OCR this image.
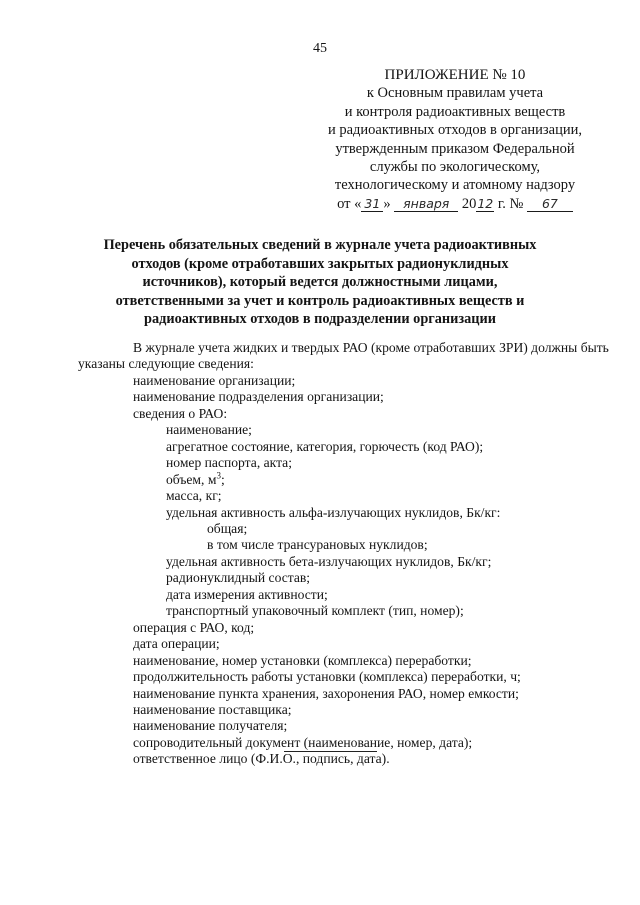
45
ПРИЛОЖЕНИЕ № 10
к Основным правилам учета
и контроля радиоактивных веществ
и радиоактивных отходов в организации,
утвержденным приказом Федеральной
службы по экологическому,
технологическому и атомному надзору
от « 31 » января 2012 г. № 67
Перечень обязательных сведений в журнале учета радиоактивных
отходов (кроме отработавших закрытых радионуклидных
источников), который ведется должностными лицами,
ответственными за учет и контроль радиоактивных веществ и
радиоактивных отходов в подразделении организации
В журнале учета жидких и твердых РАО (кроме отработавших ЗРИ) должны быть
указаны следующие сведения:
наименование организации;
наименование подразделения организации;
сведения о РАО:
наименование;
агрегатное состояние, категория, горючесть (код РАО);
номер паспорта, акта;
объем, $м^3$;
масса, кг;
удельная активность альфа-излучающих нуклидов, Бк/кг:
общая;
в том числе трансурановых нуклидов;
удельная активность бета-излучающих нуклидов, Бк/кг;
радионуклидный состав;
дата измерения активности;
транспортный упаковочный комплект (тип, номер);
операция с РАО, код;
дата операции;
наименование, номер установки (комплекса) переработки;
продолжительность работы установки (комплекса) переработки, ч;
наименование пункта хранения, захоронения РАО, номер емкости;
наименование поставщика;
наименование получателя;
сопроводительный документ (наименование, номер, дата);
ответственное лицо (Ф.И.О., подпись, дата).
